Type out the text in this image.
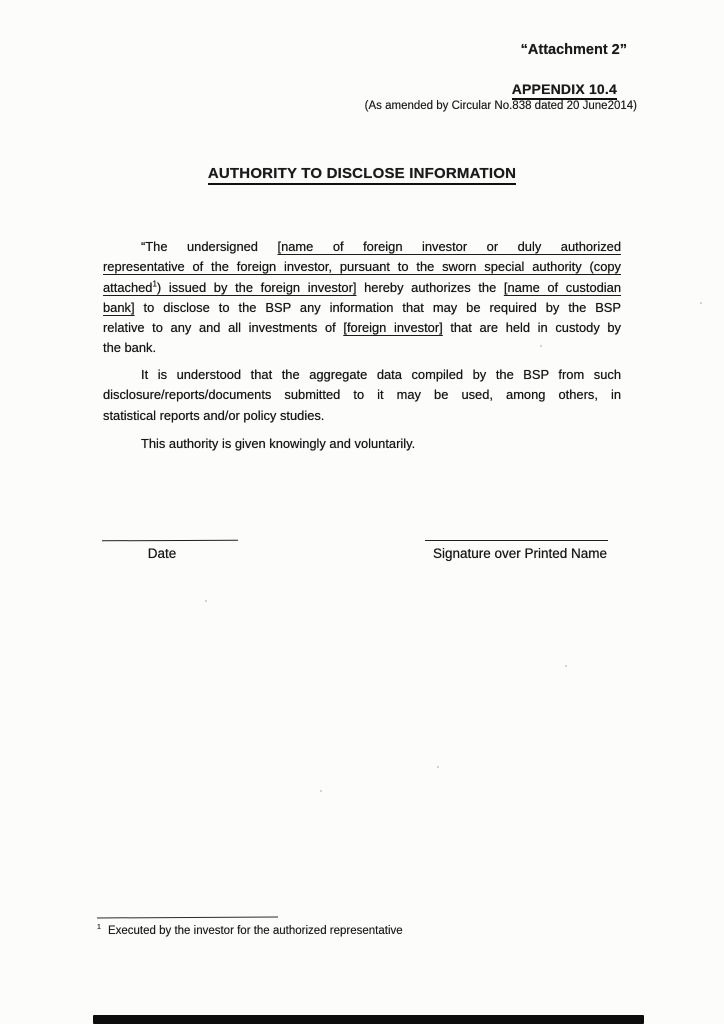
“Attachment 2”
APPENDIX 10.4
(As amended by Circular No.838 dated 20 June2014)
AUTHORITY TO DISCLOSE INFORMATION
“The undersigned [name of foreign investor or duly authorized
representative of the foreign investor, pursuant to the sworn special authority (copy
attached$^1$) issued by the foreign investor] hereby authorizes the [name of custodian
bank] to disclose to the BSP any information that may be required by the BSP
relative to any and all investments of [foreign investor] that are held in custody by
the bank.
It is understood that the aggregate data compiled by the BSP from such
disclosure/reports/documents submitted to it may be used, among others, in
statistical reports and/or policy studies.
This authority is given knowingly and voluntarily.
Date	Signature over Printed Name
$^1$ Executed by the investor for the authorized representative
